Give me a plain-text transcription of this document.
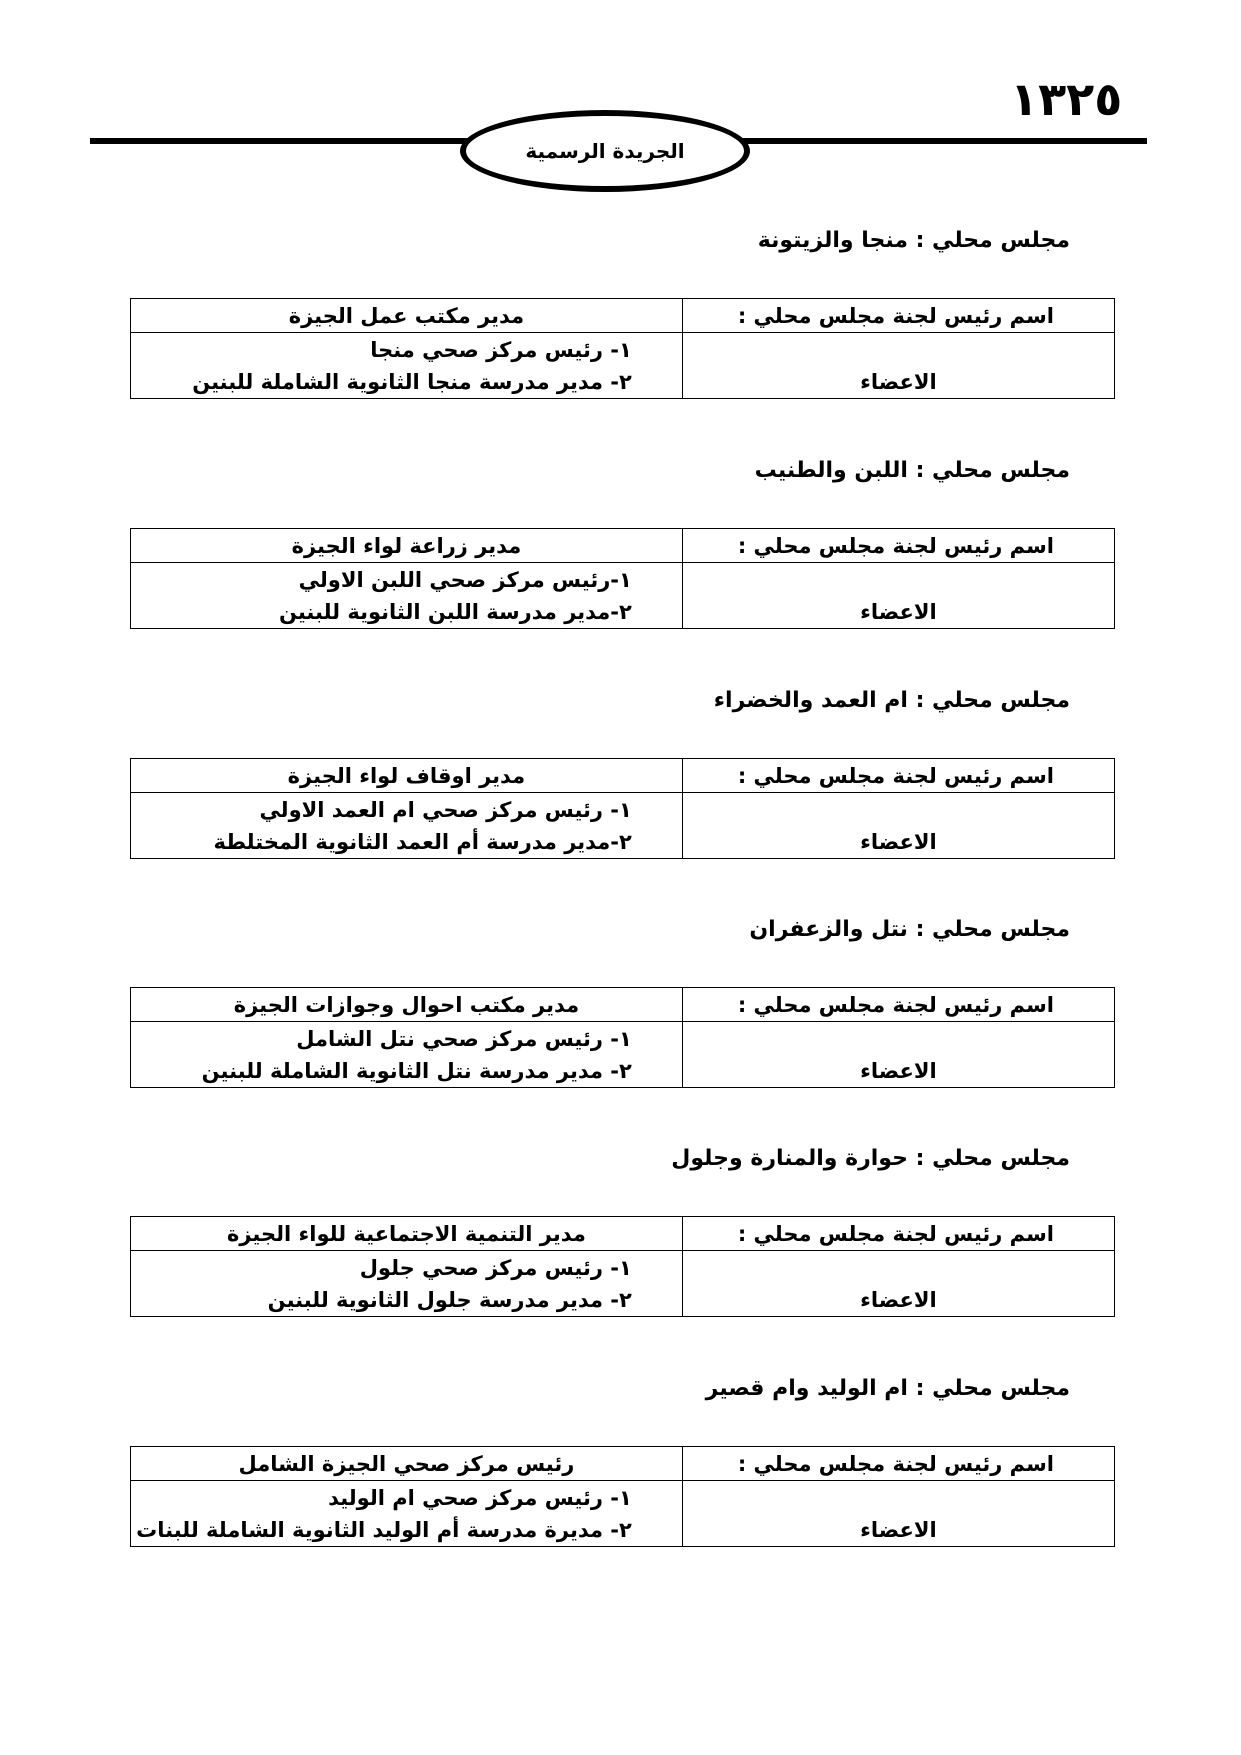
١٣٢٥
الجريدة الرسمية
مجلس محلي : منجا والزيتونة
اسم رئيس لجنة مجلس محلي :	مدير مكتب عمل الجيزة
الاعضاء	١- رئيس مركز صحي منجا
٢- مدير مدرسة منجا الثانوية الشاملة للبنين
مجلس محلي : اللبن والطنيب
اسم رئيس لجنة مجلس محلي :	مدير زراعة لواء الجيزة
الاعضاء	١-رئيس مركز صحي اللبن الاولي
٢-مدير مدرسة اللبن الثانوية للبنين
مجلس محلي : ام العمد والخضراء
اسم رئيس لجنة مجلس محلي :	مدير اوقاف لواء الجيزة
الاعضاء	١- رئيس مركز صحي ام العمد الاولي
٢-مدير مدرسة أم العمد الثانوية المختلطة
مجلس محلي : نتل والزعفران
اسم رئيس لجنة مجلس محلي :	مدير مكتب احوال وجوازات الجيزة
الاعضاء	١- رئيس مركز صحي نتل الشامل
٢- مدير مدرسة نتل الثانوية الشاملة للبنين
مجلس محلي : حوارة والمنارة وجلول
اسم رئيس لجنة مجلس محلي :	مدير التنمية الاجتماعية للواء الجيزة
الاعضاء	١- رئيس مركز صحي جلول
٢- مدير مدرسة جلول الثانوية للبنين
مجلس محلي : ام الوليد وام قصير
اسم رئيس لجنة مجلس محلي :	رئيس مركز صحي الجيزة الشامل
الاعضاء	١- رئيس مركز صحي ام الوليد
٢- مديرة مدرسة أم الوليد الثانوية الشاملة للبنات
